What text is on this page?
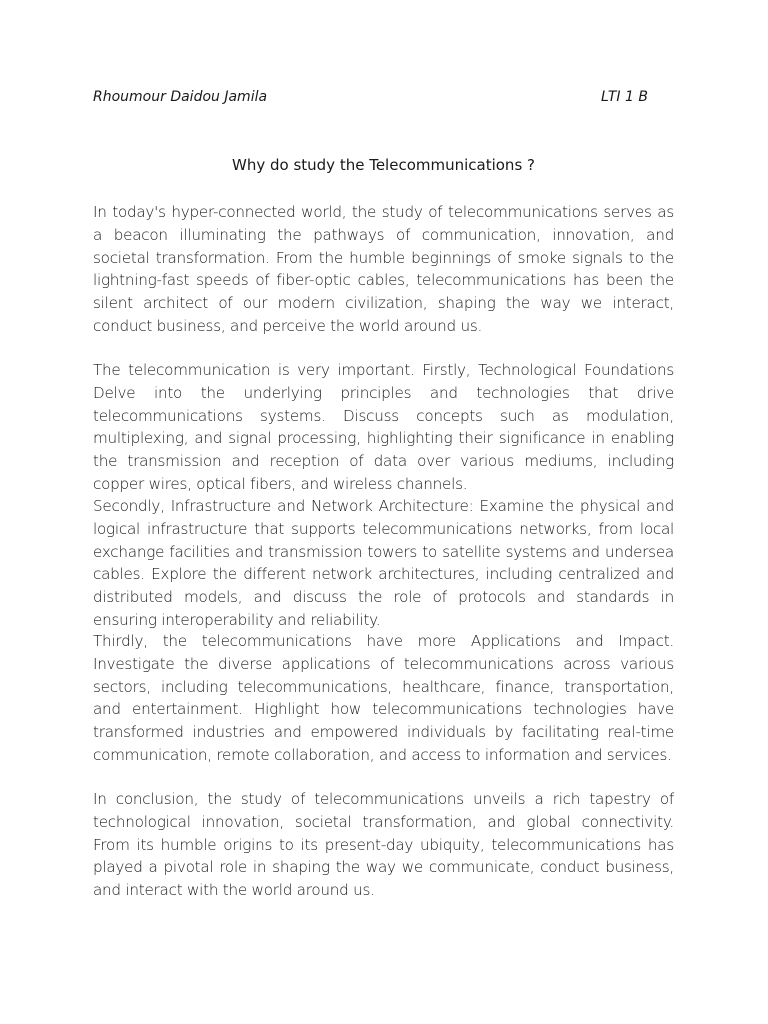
Rhoumour Daidou Jamila	LTI 1 B
Why do study the Telecommunications ?

In today's hyper-connected world, the study of telecommunications serves as a beacon illuminating the pathways of communication, innovation, and societal transformation. From the humble beginnings of smoke signals to the lightning-fast speeds of fiber-optic cables, telecommunications has been the silent architect of our modern civilization, shaping the way we interact, conduct business, and perceive the world around us.

The telecommunication is very important. Firstly, Technological Foundations Delve into the underlying principles and technologies that drive telecommunications systems. Discuss concepts such as modulation, multiplexing, and signal processing, highlighting their significance in enabling the transmission and reception of data over various mediums, including copper wires, optical fibers, and wireless channels.

Secondly, Infrastructure and Network Architecture: Examine the physical and logical infrastructure that supports telecommunications networks, from local exchange facilities and transmission towers to satellite systems and undersea cables. Explore the different network architectures, including centralized and distributed models, and discuss the role of protocols and standards in ensuring interoperability and reliability.

Thirdly, the telecommunications have more Applications and Impact. Investigate the diverse applications of telecommunications across various sectors, including telecommunications, healthcare, finance, transportation, and entertainment. Highlight how telecommunications technologies have transformed industries and empowered individuals by facilitating real-time communication, remote collaboration, and access to information and services.

In conclusion, the study of telecommunications unveils a rich tapestry of technological innovation, societal transformation, and global connectivity. From its humble origins to its present-day ubiquity, telecommunications has played a pivotal role in shaping the way we communicate, conduct business, and interact with the world around us.
